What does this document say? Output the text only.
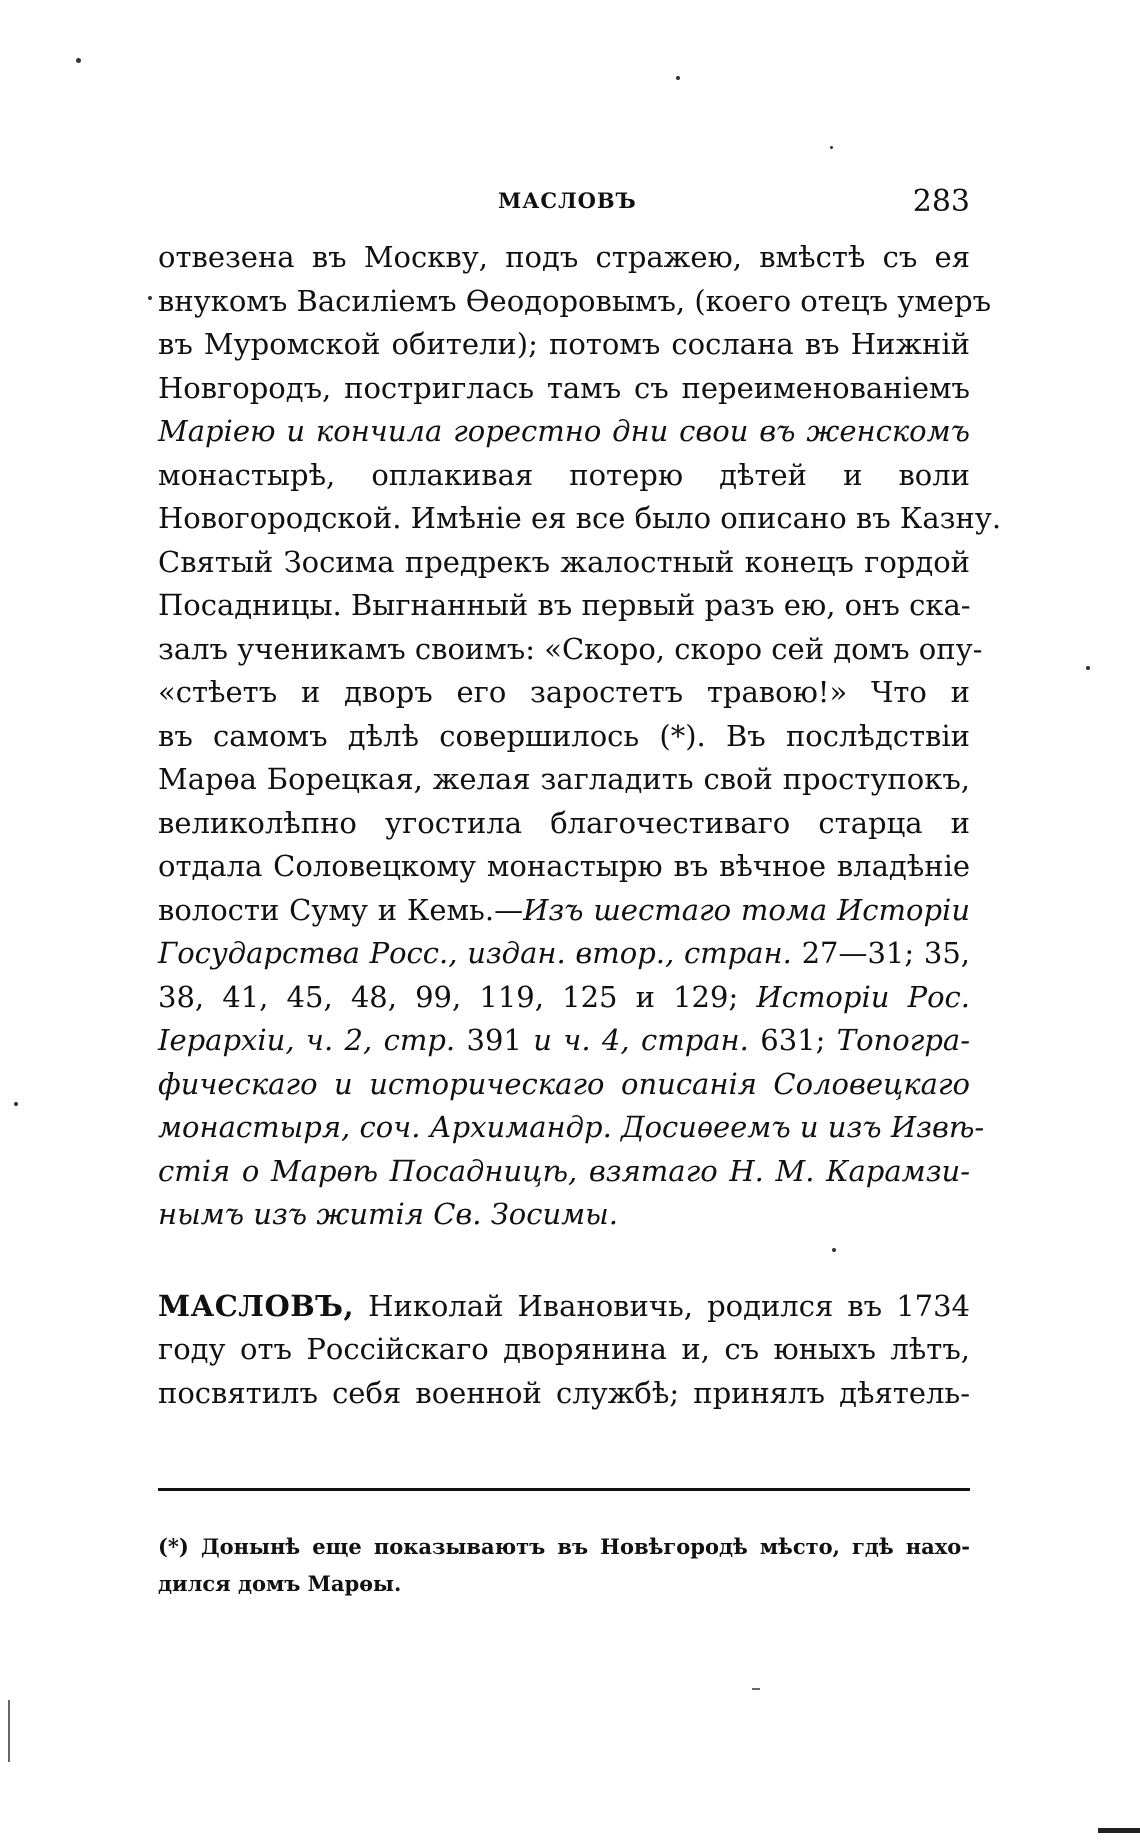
МАСЛОВЪ	283
отвезена въ Москву, подъ стражею, вмѣстѣ съ ея
внукомъ Василіемъ Ѳеодоровымъ, (коего отецъ умеръ
въ Муромской обители); потомъ сослана въ Нижній
Новгородъ, постриглась тамъ съ переименованіемъ
Маріею и кончила горестно дни свои въ женскомъ
монастырѣ, оплакивая потерю дѣтей и воли
Новогородской. Имѣніе ея все было описано въ Казну.
Святый Зосима предрекъ жалостный конецъ гордой
Посадницы. Выгнанный въ первый разъ ею, онъ ска-
залъ ученикамъ своимъ: «Скоро, скоро сей домъ опу-
«стѣетъ и дворъ его заростетъ травою!» Что и
въ самомъ дѣлѣ совершилось (*). Въ послѣдствіи
Марѳа Борецкая, желая загладить свой проступокъ,
великолѣпно угостила благочестиваго старца и
отдала Соловецкому монастырю въ вѣчное владѣніе
волости Суму и Кемь.—Изъ шестаго тома Исторіи
Государства Росс., издан. втор., стран. 27—31; 35,
38, 41, 45, 48, 99, 119, 125 и 129; Исторіи Рос.
Іерархіи, ч. 2, стр. 391 и ч. 4, стран. 631; Топогра-
фическаго и историческаго описанія Соловецкаго
монастыря, соч. Архимандр. Досиѳеемъ и изъ Извѣ-
стія о Марѳѣ Посадницѣ, взятаго Н. М. Карамзи-
нымъ изъ житія Св. Зосимы.
МАСЛОВЪ, Николай Ивановичь, родился въ 1734
году отъ Россійскаго дворянина и, съ юныхъ лѣтъ,
посвятилъ себя военной службѣ; принялъ дѣятель-
(*) Донынѣ еще показываютъ въ Новѣгородѣ мѣсто, гдѣ нахо-
дился домъ Марѳы.
